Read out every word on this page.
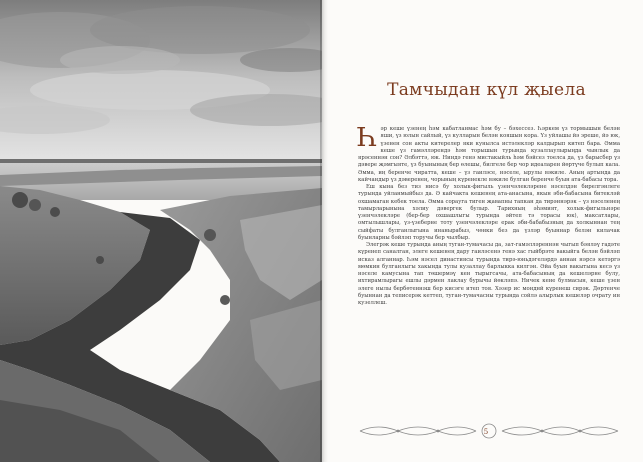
Тамчыдан күл җыела

Һәр кеше үзенең һәм кабатланмас һәм бу – бәхессез. Һәркем үз тормышын белән яши, үз юлын сайлый, үз кулларын белән кояшын кора. Үз уйлашы йә эреше, йә юк, үзенен сон акты китерелер яки кунылса истәлекләр калдырып китеп бара. Әмма кеше үз гамәлләрендә һәм торышын турында кузаллаулырыңда чынлык да ярәсеннән сон? Әлбәттә, юк. Ниндә генә мистакыйль һәм бәйсез тоелса да, үз барысбер үз дәвере җәмгыяте, үз буынының бер өлешы, билгеле бер чор идеаларен йөртүче булып кала. Әмма, иң беренче чиратта, кеше – үз гаиләсе, нәселе, ырулы вәкиле. Аның артында да кайчандыр үз дәверенең, чорының күренекле вәкиле булган беренче буын ата-бабасы тора.

Еш кына без тиз нисә бу холык-фигыль үзенчәлекләрене нәселдән бирелгәнлеге турында уйланмыйбыз да. Ә кайчакта кешенең ата-анасына, якын әби-бабасына битекләй охшамаган кебек тоела. Әмма сорауга тиген җавапны тапкан да тирәннәрәк – үз нәселенең тамырларынына хәлиу дәвергек булыр. Тарихның әһәмият, холык-фигыльнәре үзенчәлекләре (бер-бер охшашлыгы турында әйтеп тә торасы юк), максатлары, омтылышлары, үз-үзеберне тоту үзенчәлекләре ерак әби-бабабызның да холкыннан тең сыйфаты булганлыгына инанырабыз, чөнки без да үзләр буыннар белән килачак буынларны бәйләп торучы бер чылбыр.

Элегрәк кеше турында аның туган-тумачасы да, зат-гамәлләреннән чыгып бәяләү гадәте күренеп саналган, элеге кешенең дару гаиләсенә генә хас гыйбрәте вакыйга белән бәйләп исказ алганнар. Һәм нәсел династиясы турында тирә-юньдәгеләрдә аннан нәрсә кетәргә мөмкин булганлыгы хакында тулы кузаллау барлыкка килгән. Әйа буын вакытына кесә үз нәселе камусына тап төшермәү кен тырыгсачы, ата-бабасының да кешеләрне булу, ихтирамлырагы ешлы дәрмен лаклау бурычы йөкләпә. Ничек кене булмасын, кеше үзен әлеге нылы бербөтеннәш бер кисәге итеп тоя. Хәзер ис монднй күренеш сирәк. Дөртенче буыннан да теписерәк кеттеп, туган-тумачасны турында сойлә алырлык кешеләр очрату ин кузеллеш.

5
